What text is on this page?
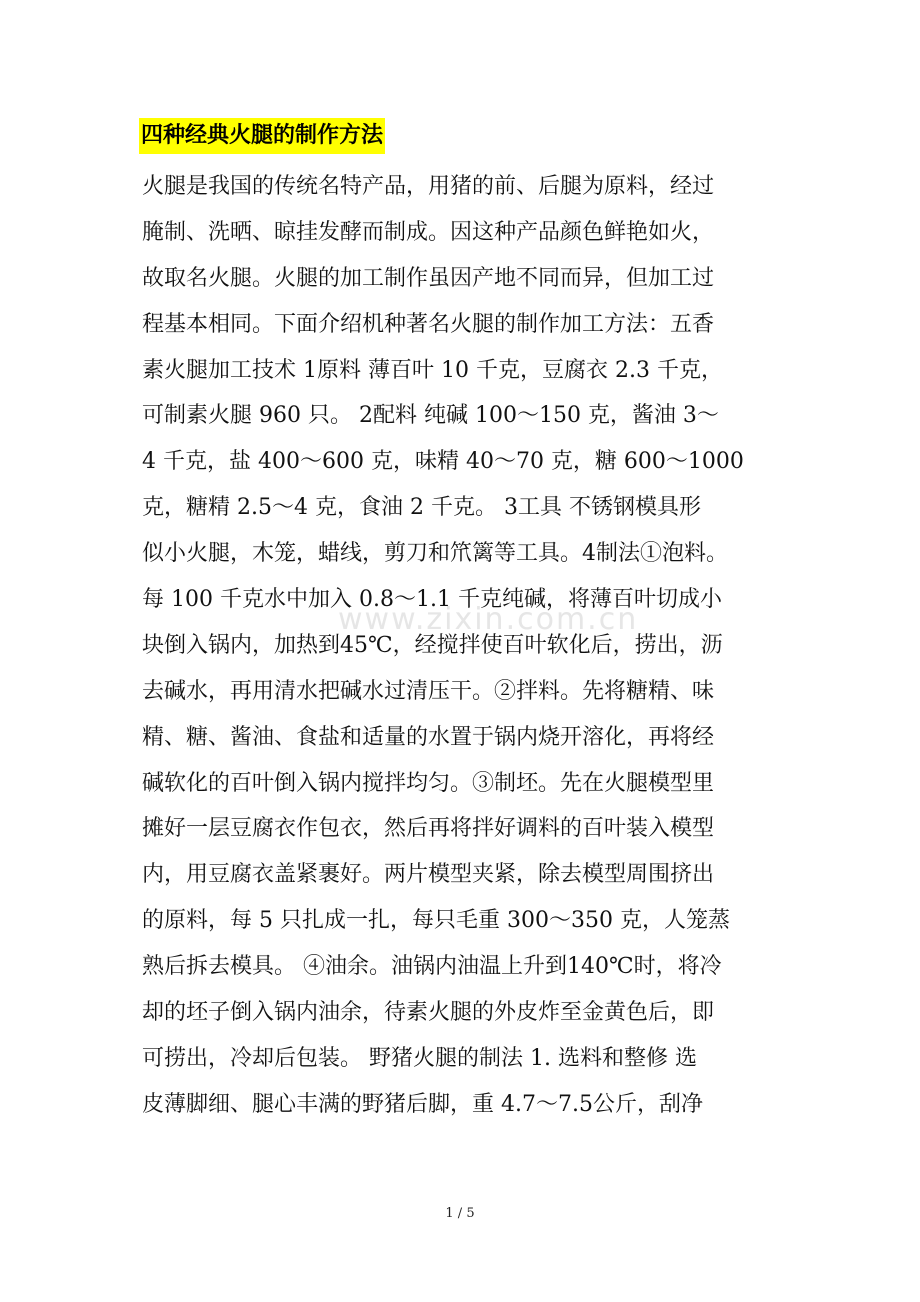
www.zixin.com.cn
四种经典火腿的制作方法
火腿是我国的传统名特产品，用猪的前、后腿为原料，经过
腌制、洗晒、晾挂发酵而制成。因这种产品颜色鲜艳如火，
故取名火腿。火腿的加工制作虽因产地不同而异，但加工过
程基本相同。下面介绍机种著名火腿的制作加工方法：五香
素火腿加工技术 1原料 薄百叶 10 千克，豆腐衣 2.3 千克，
可制素火腿 960 只。 2配料 纯碱 100～150 克，酱油 3～
4 千克，盐 400～600 克，味精 40～70 克，糖 600～1000
克，糖精 2.5～4 克，食油 2 千克。 3工具 不锈钢模具形
似小火腿，木笼，蜡线，剪刀和笊篱等工具。4制法①泡料。
每 100 千克水中加入 0.8～1.1 千克纯碱，将薄百叶切成小
块倒入锅内，加热到45℃，经搅拌使百叶软化后，捞出，沥
去碱水，再用清水把碱水过清压干。②拌料。先将糖精、味
精、糖、酱油、食盐和适量的水置于锅内烧开溶化，再将经
碱软化的百叶倒入锅内搅拌均匀。③制坯。先在火腿模型里
摊好一层豆腐衣作包衣，然后再将拌好调料的百叶装入模型
内，用豆腐衣盖紧裹好。两片模型夹紧，除去模型周围挤出
的原料，每 5 只扎成一扎，每只毛重 300～350 克，人笼蒸
熟后拆去模具。 ④油余。油锅内油温上升到140℃时，将冷
却的坯子倒入锅内油余，待素火腿的外皮炸至金黄色后，即
可捞出，冷却后包装。 野猪火腿的制法 1. 选料和整修 选
皮薄脚细、腿心丰满的野猪后脚，重 4.7～7.5公斤，刮净
1 / 5
